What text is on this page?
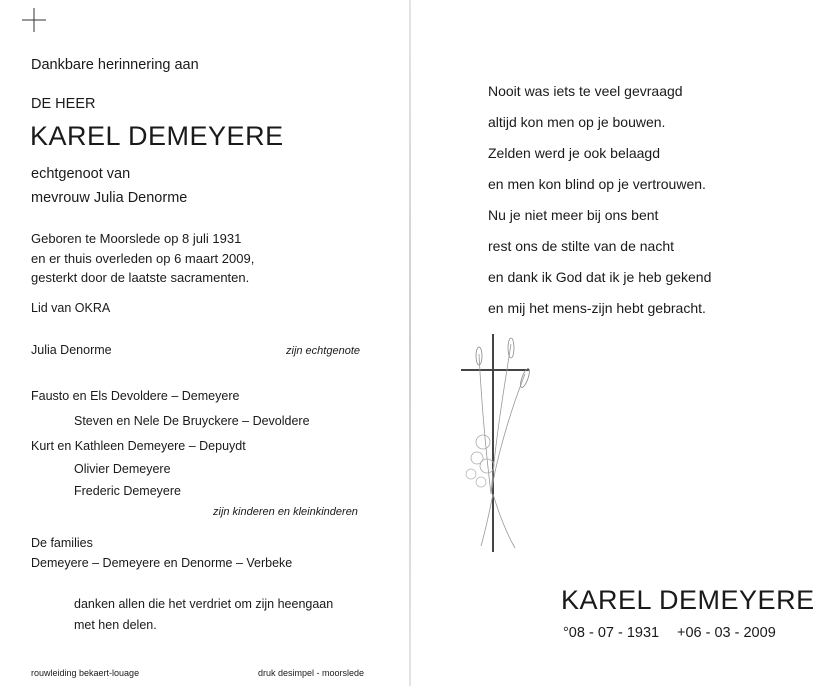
Dankbare herinnering aan
DE HEER
KAREL DEMEYERE
echtgenoot van
mevrouw Julia Denorme
Geboren te Moorslede op 8 juli 1931
en er thuis overleden op 6 maart 2009,
gesterkt door de laatste sacramenten.
Lid van OKRA
Julia Denorme	zijn echtgenote
Fausto en Els Devoldere – Demeyere
Steven en Nele De Bruyckere – Devoldere
Kurt en Kathleen Demeyere – Depuydt
Olivier Demeyere
Frederic Demeyere
zijn kinderen en kleinkinderen
De families
Demeyere – Demeyere en Denorme – Verbeke
danken allen die het verdriet om zijn heengaan
met hen delen.
rouwleiding bekaert-louage	druk desimpel - moorslede
Nooit was iets te veel gevraagd
altijd kon men op je bouwen.
Zelden werd je ook belaagd
en men kon blind op je vertrouwen.
Nu je niet meer bij ons bent
rest ons de stilte van de nacht
en dank ik God dat ik je heb gekend
en mij het mens-zijn hebt gebracht.
KAREL DEMEYERE
°08 - 07 - 1931 +06 - 03 - 2009
